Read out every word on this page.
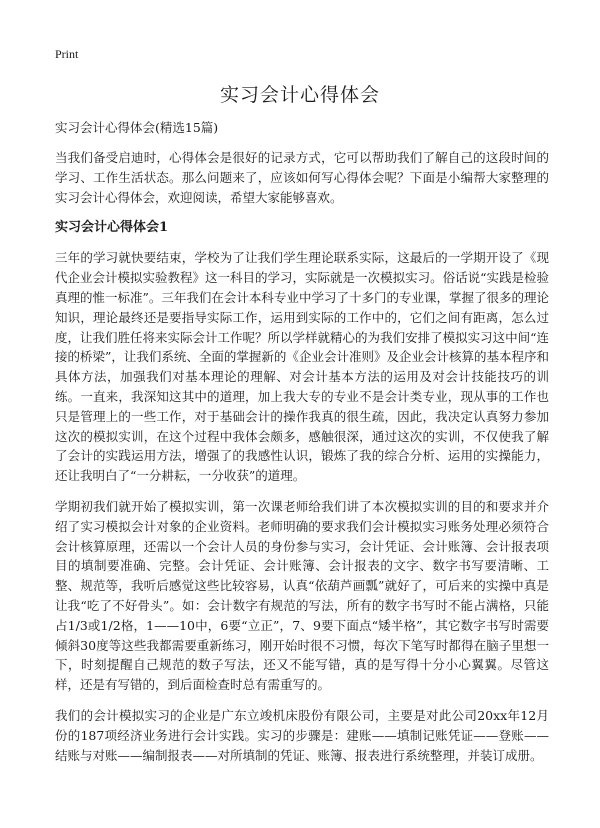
Print
实习会计心得体会
实习会计心得体会(精选15篇)

当我们备受启迪时，心得体会是很好的记录方式，它可以帮助我们了解自己的这段时间的学习、工作生活状态。那么问题来了，应该如何写心得体会呢？下面是小编帮大家整理的实习会计心得体会，欢迎阅读，希望大家能够喜欢。

实习会计心得体会1

三年的学习就快要结束，学校为了让我们学生理论联系实际，这最后的一学期开设了《现代企业会计模拟实验教程》这一科目的学习，实际就是一次模拟实习。俗话说“实践是检验真理的惟一标准”。三年我们在会计本科专业中学习了十多门的专业课，掌握了很多的理论知识，理论最终还是要指导实际工作，运用到实际的工作中的，它们之间有距离，怎么过度，让我们胜任将来实际会计工作呢？所以学样就精心的为我们安排了模拟实习这中间“连接的桥梁”，让我们系统、全面的掌握新的《企业会计准则》及企业会计核算的基本程序和具体方法，加强我们对基本理论的理解、对会计基本方法的运用及对会计技能技巧的训练。一直来，我深知这其中的道理，加上我大专的专业不是会计类专业，现从事的工作也只是管理上的一些工作，对于基础会计的操作我真的很生疏，因此，我决定认真努力参加这次的模拟实训，在这个过程中我体会颇多，感触很深，通过这次的实训，不仅使我了解了会计的实践运用方法，增强了的我感性认识，锻炼了我的综合分析、运用的实操能力，还让我明白了“一分耕耘，一分收获”的道理。

学期初我们就开始了模拟实训，第一次课老师给我们讲了本次模拟实训的目的和要求并介绍了实习模拟会计对象的企业资料。老师明确的要求我们会计模拟实习账务处理必须符合会计核算原理，还需以一个会计人员的身份参与实习，会计凭证、会计账簿、会计报表项目的填制要准确、完整。会计凭证、会计账簿、会计报表的文字、数字书写要清晰、工整、规范等，我听后感觉这些比较容易，认真“依葫芦画瓢”就好了，可后来的实操中真是让我“吃了不好骨头”。如：会计数字有规范的写法，所有的数字书写时不能占满格，只能占1/3或1/2格，1——10中，6要“立正”，7、9要下面点“矮半格”，其它数字书写时需要倾斜30度等这些我都需要重新练习，刚开始时很不习惯，每次下笔写时都得在脑子里想一下，时刻提醒自己规范的数子写法，还又不能写错，真的是写得十分小心翼翼。尽管这样，还是有写错的，到后面检查时总有需重写的。

我们的会计模拟实习的企业是广东立竣机床股份有限公司，主要是对此公司20xx年12月份的187项经济业务进行会计实践。实习的步骤是：建账——填制记账凭证——登账——结账与对账——编制报表——对所填制的凭证、账簿、报表进行系统整理，并装订成册。
